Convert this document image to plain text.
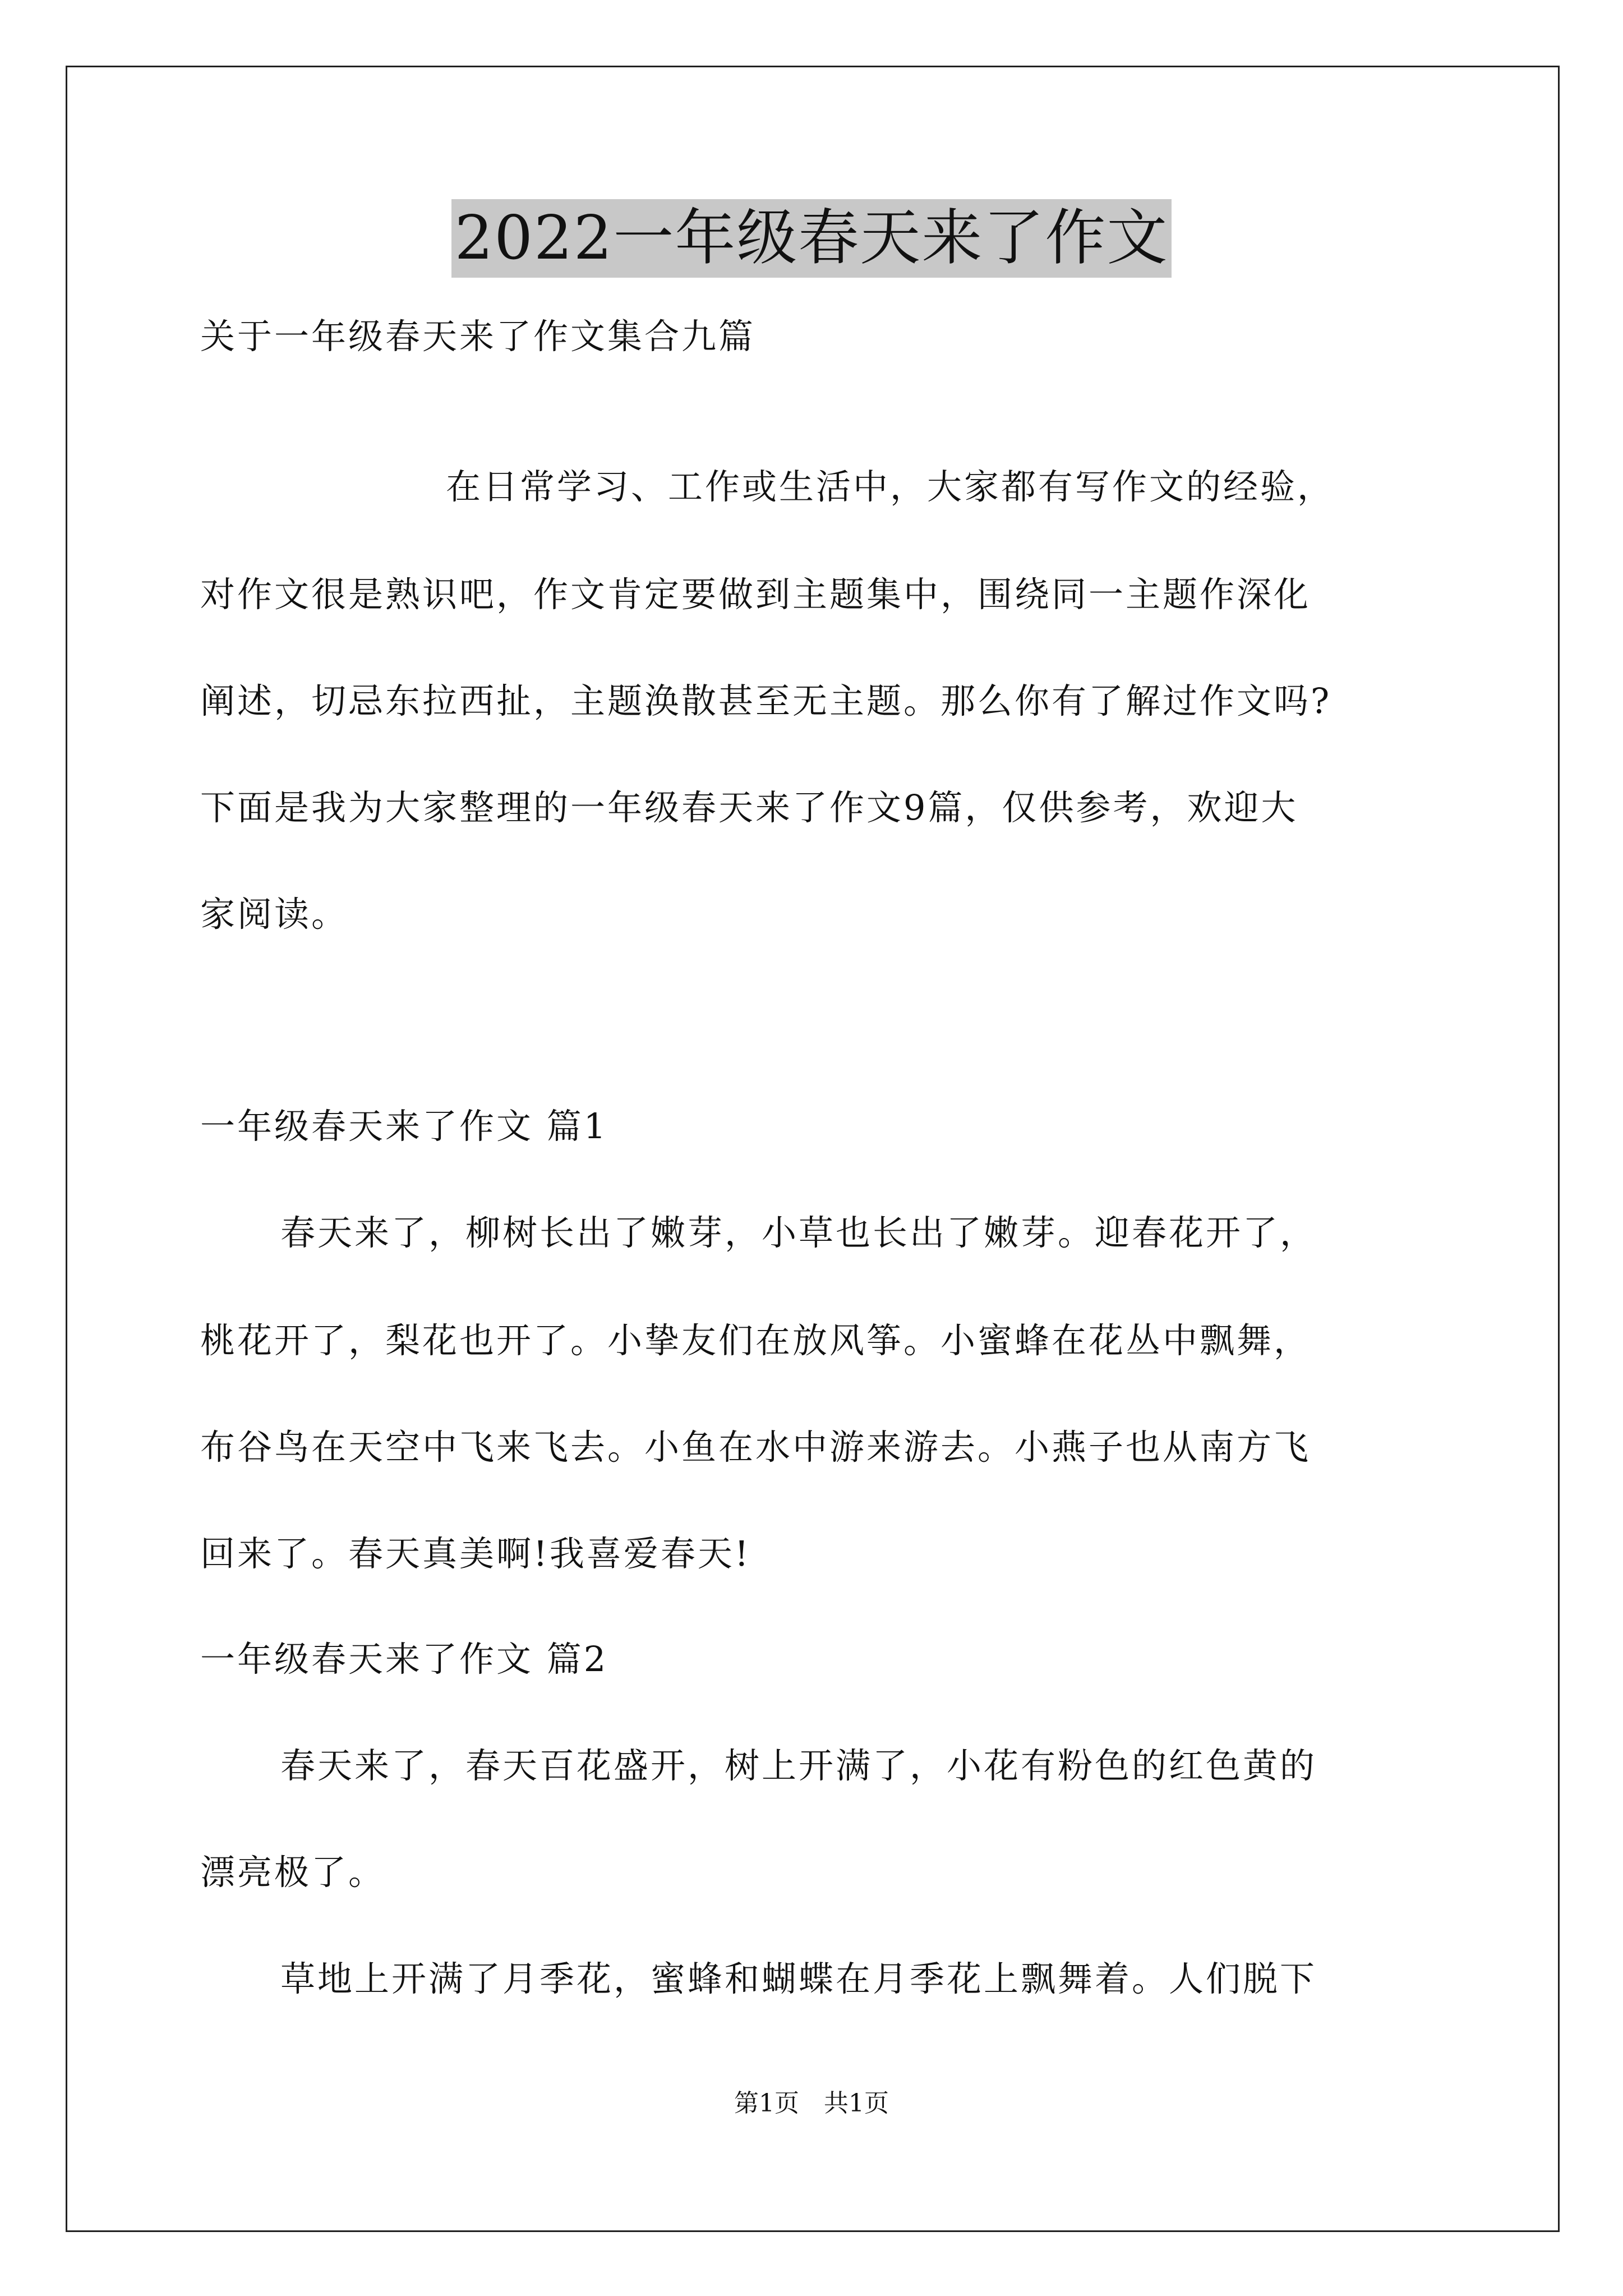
2022一年级春天来了作文
关于一年级春天来了作文集合九篇
在日常学习、工作或生活中，大家都有写作文的经验，
对作文很是熟识吧，作文肯定要做到主题集中，围绕同一主题作深化
阐述，切忌东拉西扯，主题涣散甚至无主题。那么你有了解过作文吗?
下面是我为大家整理的一年级春天来了作文9篇，仅供参考，欢迎大
家阅读。
一年级春天来了作文 篇1
春天来了，柳树长出了嫩芽，小草也长出了嫩芽。迎春花开了，
桃花开了，梨花也开了。小挚友们在放风筝。小蜜蜂在花丛中飘舞，
布谷鸟在天空中飞来飞去。小鱼在水中游来游去。小燕子也从南方飞
回来了。春天真美啊!我喜爱春天!
一年级春天来了作文 篇2
春天来了，春天百花盛开，树上开满了，小花有粉色的红色黄的
漂亮极了。
草地上开满了月季花，蜜蜂和蝴蝶在月季花上飘舞着。人们脱下
第1页 共1页
